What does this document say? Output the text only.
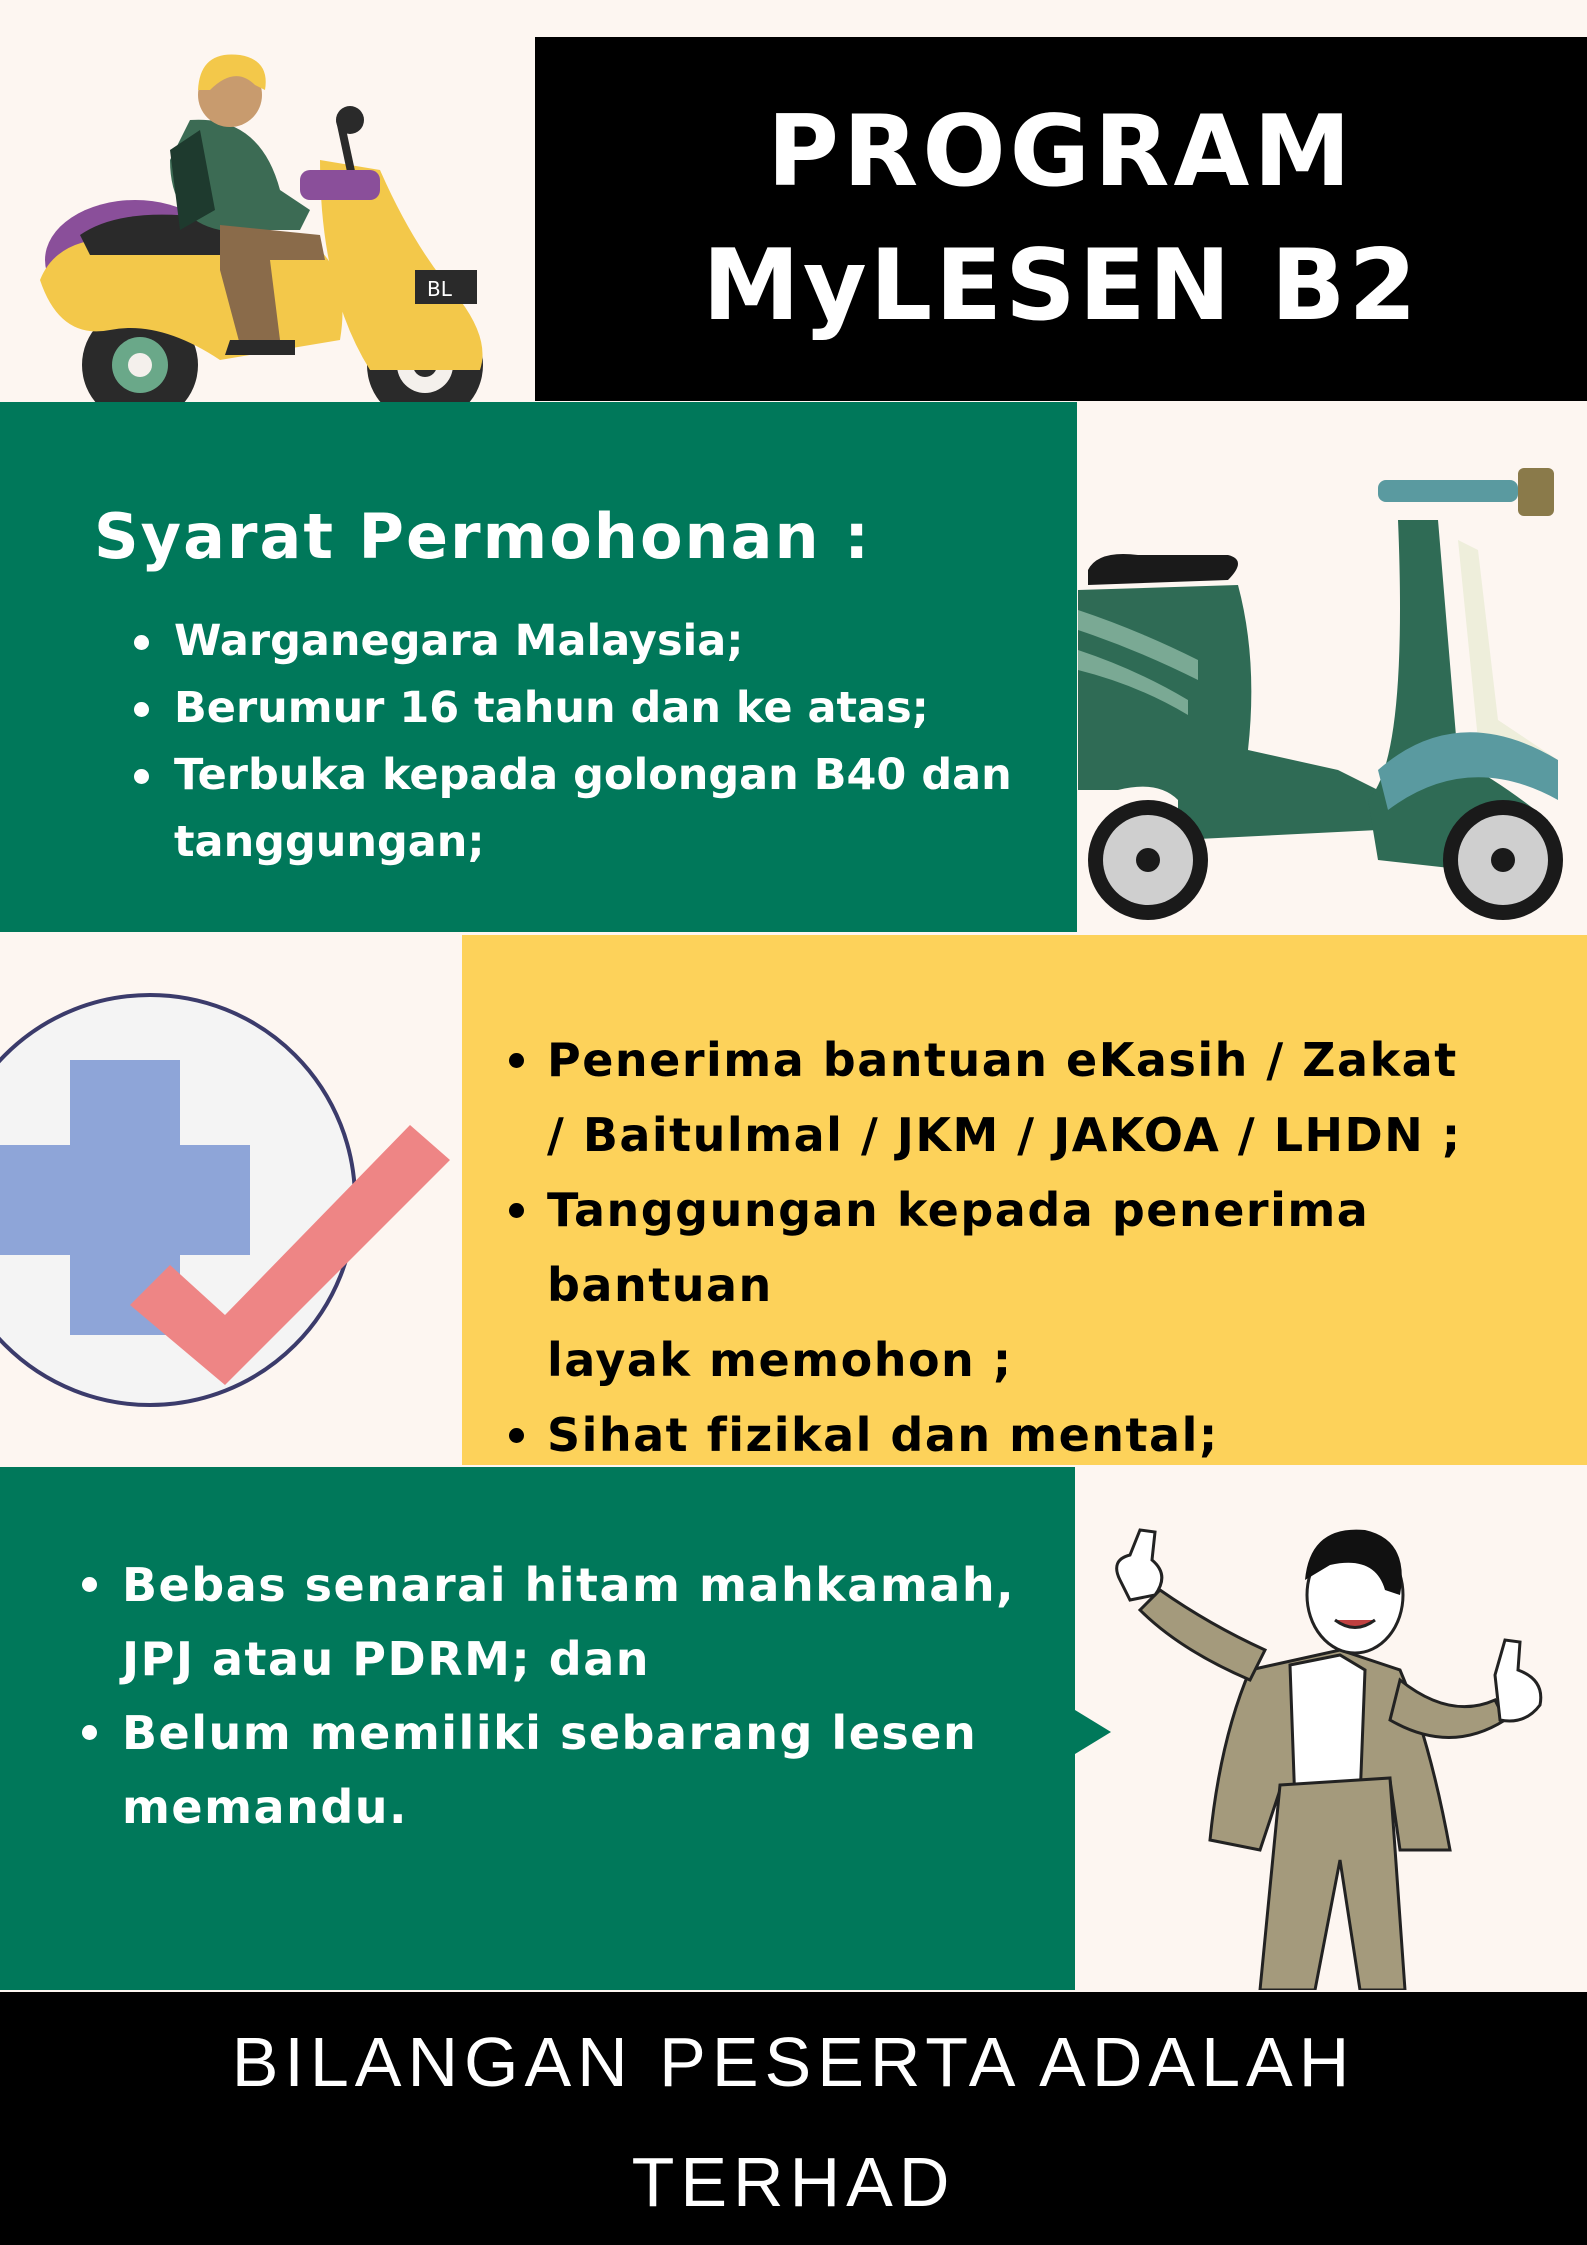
BL
PROGRAM
MyLESEN B2
Syarat Permohonan :
Warganegara Malaysia;
Berumur 16 tahun dan ke atas;
Terbuka kepada golongan B40 dan tanggungan;
Penerima bantuan eKasih / Zakat
/ Baitulmal / JKM / JAKOA / LHDN ;
Tanggungan kepada penerima bantuan
layak memohon ;
Sihat fizikal dan mental;
Bebas senarai hitam mahkamah,
JPJ atau PDRM; dan
Belum memiliki sebarang lesen
memandu.
BILANGAN PESERTA ADALAH
TERHAD
